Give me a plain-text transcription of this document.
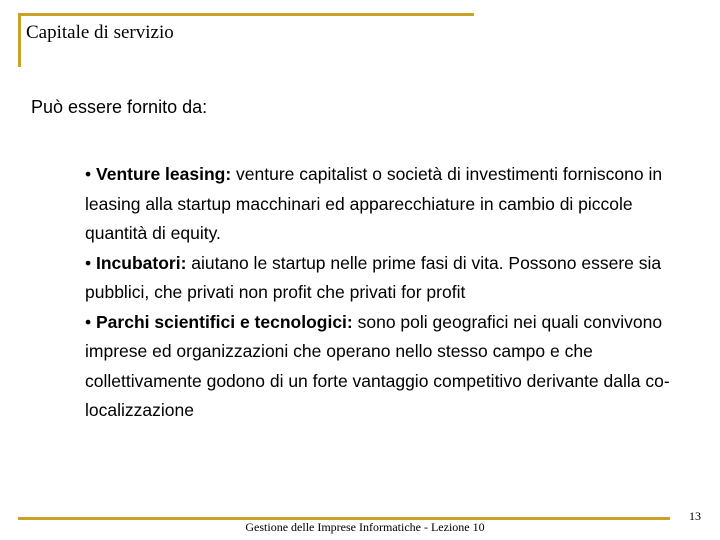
Capitale di servizio
Può essere fornito da:

• Venture leasing: venture capitalist o società di investimenti forniscono in leasing alla startup macchinari ed apparecchiature in cambio di piccole quantità di equity.

• Incubatori: aiutano le startup nelle prime fasi di vita. Possono essere sia pubblici, che privati non profit che privati for profit

• Parchi scientifici e tecnologici: sono poli geografici nei quali convivono imprese ed organizzazioni che operano nello stesso campo e che collettivamente godono di un forte vantaggio competitivo derivante dalla co-localizzazione

Gestione delle Imprese Informatiche - Lezione 10
13
